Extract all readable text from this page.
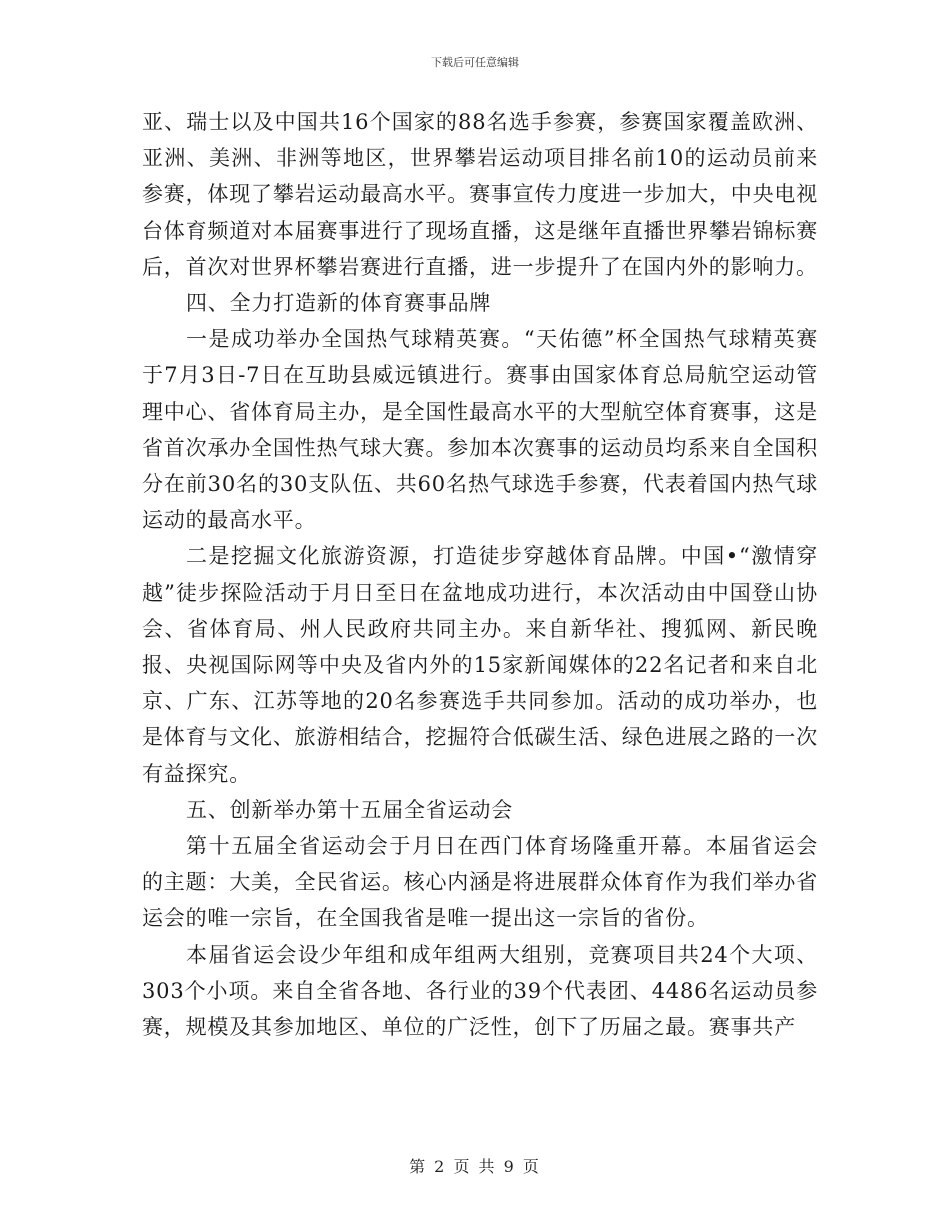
下载后可任意编辑

亚、瑞士以及中国共16个国家的88名选手参赛，参赛国家覆盖欧洲、亚洲、美洲、非洲等地区，世界攀岩运动项目排名前10的运动员前来参赛，体现了攀岩运动最高水平。赛事宣传力度进一步加大，中央电视台体育频道对本届赛事进行了现场直播，这是继年直播世界攀岩锦标赛后，首次对世界杯攀岩赛进行直播，进一步提升了在国内外的影响力。

四、全力打造新的体育赛事品牌

一是成功举办全国热气球精英赛。“天佑德”杯全国热气球精英赛于7月3日-7日在互助县威远镇进行。赛事由国家体育总局航空运动管理中心、省体育局主办，是全国性最高水平的大型航空体育赛事，这是省首次承办全国性热气球大赛。参加本次赛事的运动员均系来自全国积分在前30名的30支队伍、共60名热气球选手参赛，代表着国内热气球运动的最高水平。

二是挖掘文化旅游资源，打造徒步穿越体育品牌。中国•“激情穿越”徒步探险活动于月日至日在盆地成功进行，本次活动由中国登山协会、省体育局、州人民政府共同主办。来自新华社、搜狐网、新民晚报、央视国际网等中央及省内外的15家新闻媒体的22名记者和来自北京、广东、江苏等地的20名参赛选手共同参加。活动的成功举办，也是体育与文化、旅游相结合，挖掘符合低碳生活、绿色进展之路的一次有益探究。

五、创新举办第十五届全省运动会

第十五届全省运动会于月日在西门体育场隆重开幕。本届省运会的主题：大美，全民省运。核心内涵是将进展群众体育作为我们举办省运会的唯一宗旨，在全国我省是唯一提出这一宗旨的省份。

本届省运会设少年组和成年组两大组别，竞赛项目共24个大项、303个小项。来自全省各地、各行业的39个代表团、4486名运动员参赛，规模及其参加地区、单位的广泛性，创下了历届之最。赛事共产

第 2 页 共 9 页
